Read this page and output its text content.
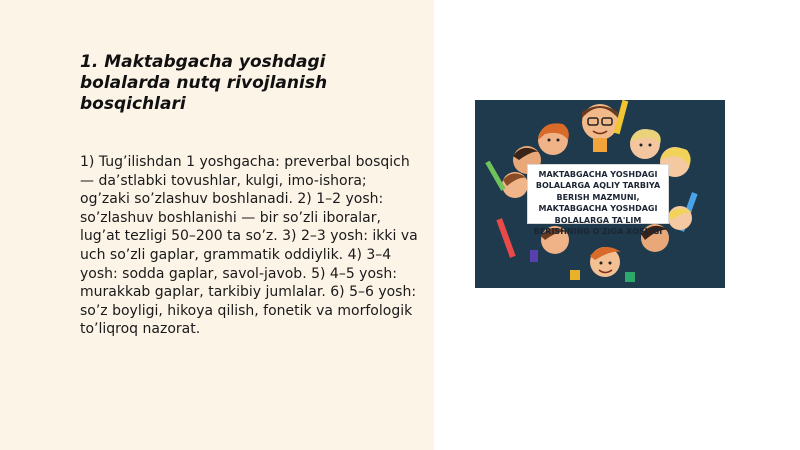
1. Maktabgacha yoshdagi bolalarda nutq rivojlanish bosqichlari

1) Tug’ilishdan 1 yoshgacha: preverbal bosqich — da’stlabki tovushlar, kulgi, imo-ishora; og’zaki so’zlashuv boshlanadi. 2) 1–2 yosh: so’zlashuv boshlanishi — bir so’zli iboralar, lug’at tezligi 50–200 ta so’z. 3) 2–3 yosh: ikki va uch so’zli gaplar, grammatik oddiylik. 4) 3–4 yosh: sodda gaplar, savol-javob. 5) 4–5 yosh: murakkab gaplar, tarkibiy jumlalar. 6) 5–6 yosh: so’z boyligi, hikoya qilish, fonetik va morfologik to’liqroq nazorat.

MAKTABGACHA YOSHDAGI BOLALARGA AQLIY TARBIYA BERISH MAZMUNI, MAKTABGACHA YOSHDAGI BOLALARGA TA'LIM BERISHNING O'ZIGA XOSLIGI
